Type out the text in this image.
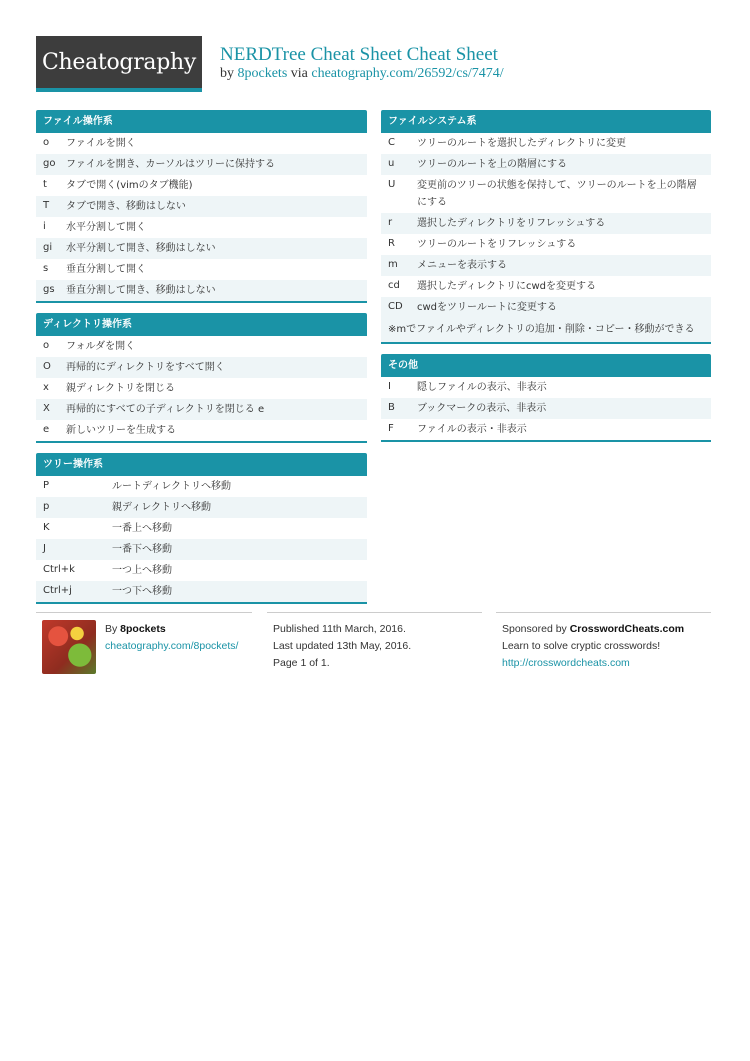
Cheatography NERDTree Cheat Sheet Cheat Sheet
by 8pockets via cheatography.com/26592/cs/7474/
ファイル操作系
o	ファイルを開く
go	ファイルを開き、カーソルはツリーに保持する
t	タブで開く(vimのタブ機能)
T	タブで開き、移動はしない
i	水平分割して開く
gi	水平分割して開き、移動はしない
s	垂直分割して開く
gs	垂直分割して開き、移動はしない
ディレクトリ操作系
o	フォルダを開く
O	再帰的にディレクトリをすべて開く
x	親ディレクトリを閉じる
X	再帰的にすべての子ディレクトリを閉じる e
e	新しいツリーを生成する
ツリー操作系
P	ルートディレクトリへ移動
p	親ディレクトリへ移動
K	一番上へ移動
J	一番下へ移動
Ctrl+k	一つ上へ移動
Ctrl+j	一つ下へ移動
ファイルシステム系
C	ツリーのルートを選択したディレクトリに変更
u	ツリーのルートを上の階層にする
U	変更前のツリーの状態を保持して、ツリーのルートを上の階層にする
r	選択したディレクトリをリフレッシュする
R	ツリーのルートをリフレッシュする
m	メニューを表示する
cd	選択したディレクトリにcwdを変更する
CD	cwdをツリールートに変更する
※mでファイルやディレクトリの追加・削除・コピー・移動ができる
その他
I	隠しファイルの表示、非表示
B	ブックマークの表示、非表示
F	ファイルの表示・非表示
By 8pockets
cheatography.com/8pockets/
Published 11th March, 2016.
Last updated 13th May, 2016.
Page 1 of 1.
Sponsored by CrosswordCheats.com
Learn to solve cryptic crosswords!
http://crosswordcheats.com
